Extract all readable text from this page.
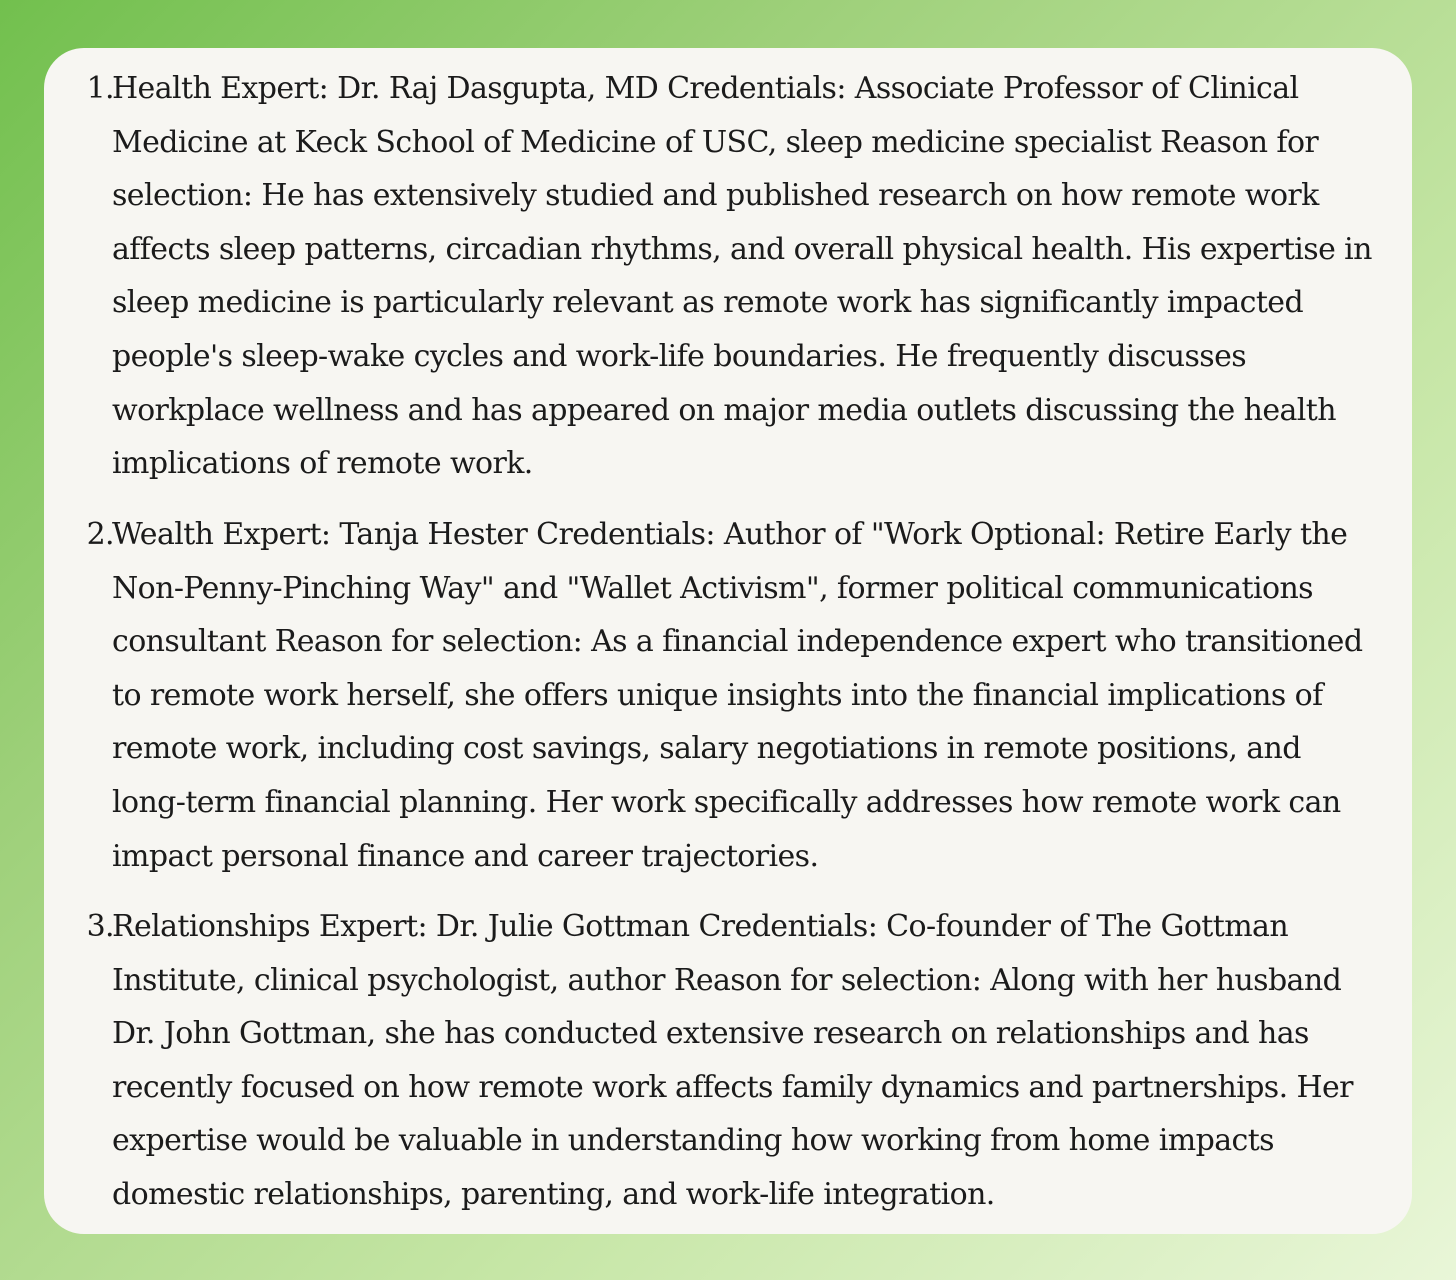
1.
Health Expert: Dr. Raj Dasgupta, MD Credentials: Associate Professor of Clinical Medicine at Keck School of Medicine of USC, sleep medicine specialist Reason for selection: He has extensively studied and published research on how remote work affects sleep patterns, circadian rhythms, and overall physical health. His expertise in sleep medicine is particularly relevant as remote work has significantly impacted people's sleep-wake cycles and work-life boundaries. He frequently discusses workplace wellness and has appeared on major media outlets discussing the health implications of remote work.
2.
Wealth Expert: Tanja Hester Credentials: Author of "Work Optional: Retire Early the Non-Penny-Pinching Way" and "Wallet Activism", former political communications consultant Reason for selection: As a financial independence expert who transitioned to remote work herself, she offers unique insights into the financial implications of remote work, including cost savings, salary negotiations in remote positions, and long-term financial planning. Her work specifically addresses how remote work can impact personal finance and career trajectories.
3.
Relationships Expert: Dr. Julie Gottman Credentials: Co-founder of The Gottman Institute, clinical psychologist, author Reason for selection: Along with her husband Dr. John Gottman, she has conducted extensive research on relationships and has recently focused on how remote work affects family dynamics and partnerships. Her expertise would be valuable in understanding how working from home impacts domestic relationships, parenting, and work-life integration.
